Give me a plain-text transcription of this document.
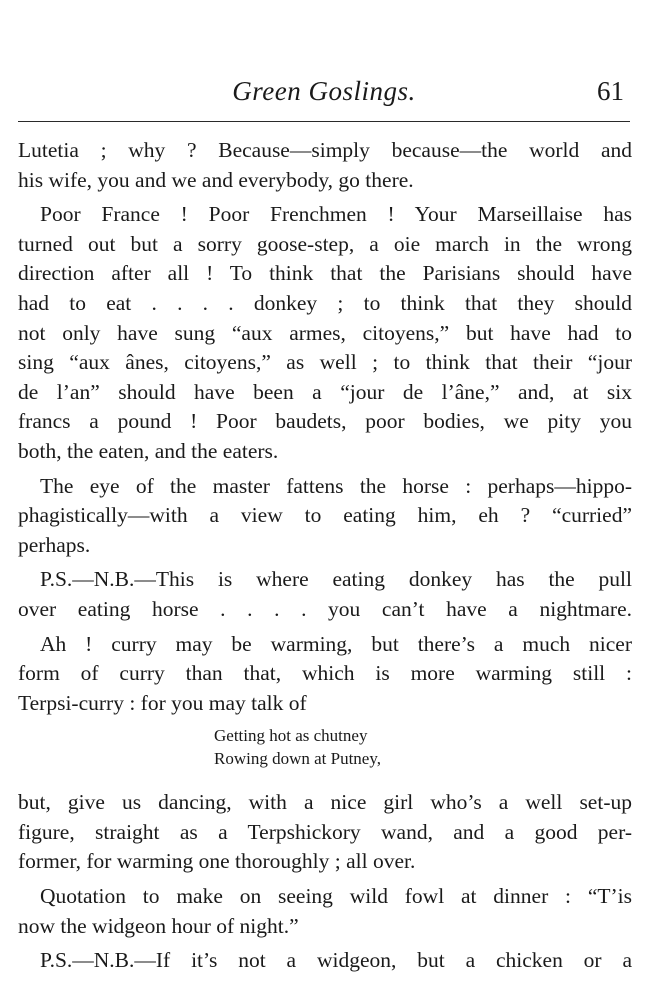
Green Goslings.	61
Lutetia ; why ? Because—simply because—the world and
his wife, you and we and everybody, go there.
Poor France ! Poor Frenchmen ! Your Marseillaise has
turned out but a sorry goose-step, a oie march in the wrong
direction after all ! To think that the Parisians should have
had to eat . . . . donkey ; to think that they should
not only have sung “aux armes, citoyens,” but have had to
sing “aux ânes, citoyens,” as well ; to think that their “jour
de l’an” should have been a “jour de l’âne,” and, at six
francs a pound ! Poor baudets, poor bodies, we pity you
both, the eaten, and the eaters.
The eye of the master fattens the horse : perhaps—hippo-
phagistically—with a view to eating him, eh ? “curried”
perhaps.
P.S.—N.B.—This is where eating donkey has the pull
over eating horse . . . . you can’t have a nightmare.
Ah ! curry may be warming, but there’s a much nicer
form of curry than that, which is more warming still :
Terpsi-curry : for you may talk of
Getting hot as chutney
Rowing down at Putney,
but, give us dancing, with a nice girl who’s a well set-up
figure, straight as a Terpshickory wand, and a good per-
former, for warming one thoroughly ; all over.
Quotation to make on seeing wild fowl at dinner : “T’is
now the widgeon hour of night.”
P.S.—N.B.—If it’s not a widgeon, but a chicken or a
